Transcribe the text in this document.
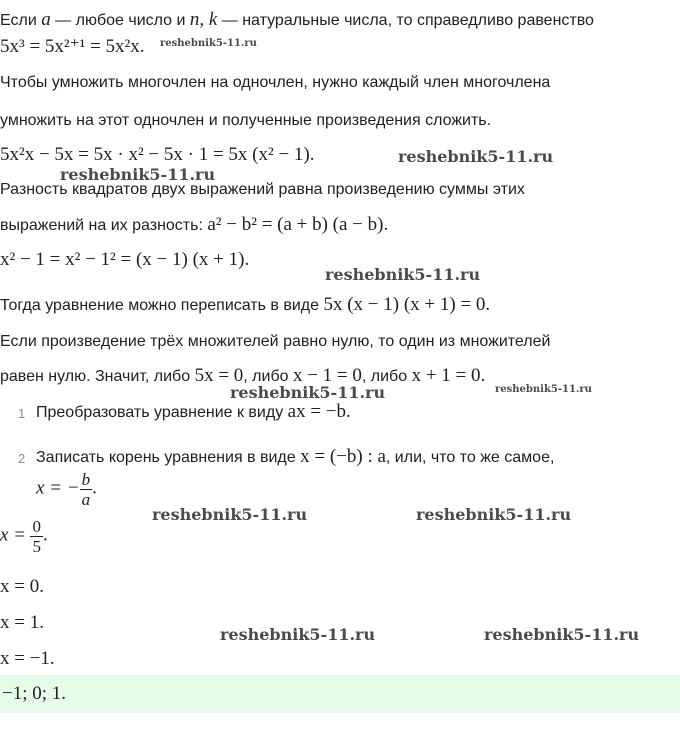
Если a — любое число и n, k — натуральные числа, то справедливо равенство
5x³ = 5x²⁺¹ = 5x²x. reshebnik5-11.ru
Чтобы умножить многочлен на одночлен, нужно каждый член многочлена
умножить на этот одночлен и полученные произведения сложить.
5x²x − 5x = 5x · x² − 5x · 1 = 5x (x² − 1).	reshebnik5-11.ru
reshebnik5-11.ru
Разность квадратов двух выражений равна произведению суммы этих
выражений на их разность: a² − b² = (a + b) (a − b).
x² − 1 = x² − 1² = (x − 1) (x + 1).
reshebnik5-11.ru
Тогда уравнение можно переписать в виде 5x (x − 1) (x + 1) = 0.
Если произведение трёх множителей равно нулю, то один из множителей
равен нулю. Значит, либо 5x = 0, либо x − 1 = 0, либо x + 1 = 0.
reshebnik5-11.ru	reshebnik5-11.ru
1 Преобразовать уравнение к виду ax = −b.
2 Записать корень уравнения в виде x = (−b) : a, или, что то же самое,
x = − $\frac{b}{a}$ .
reshebnik5-11.ru	reshebnik5-11.ru
$x = \frac{0}{5}$ .
x = 0.
x = 1.
reshebnik5-11.ru	reshebnik5-11.ru
x = −1.
−1; 0; 1.
